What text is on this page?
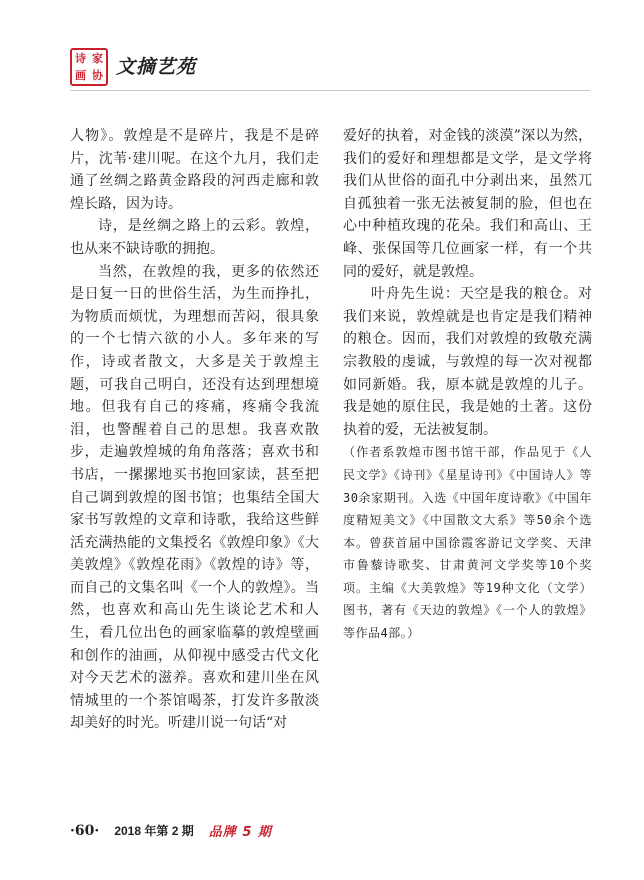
诗 家
画 协 文摘艺苑

人物》。敦煌是不是碎片，我是不是碎片，沈苇·建川呢。在这个九月，我们走通了丝绸之路黄金路段的河西走廊和敦煌长路，因为诗。

诗，是丝绸之路上的云彩。敦煌，也从来不缺诗歌的拥抱。

当然，在敦煌的我，更多的依然还是日复一日的世俗生活，为生而挣扎，为物质而烦忧，为理想而苦闷，很具象的一个七情六欲的小人。多年来的写作，诗或者散文，大多是关于敦煌主题，可我自己明白，还没有达到理想境地。但我有自己的疼痛，疼痛令我流泪，也警醒着自己的思想。我喜欢散步，走遍敦煌城的角角落落；喜欢书和书店，一摞摞地买书抱回家读，甚至把自己调到敦煌的图书馆；也集结全国大家书写敦煌的文章和诗歌，我给这些鲜活充满热能的文集授名《敦煌印象》《大美敦煌》《敦煌花雨》《敦煌的诗》等，而自己的文集名叫《一个人的敦煌》。当然，也喜欢和高山先生谈论艺术和人生，看几位出色的画家临摹的敦煌壁画和创作的油画，从仰视中感受古代文化对今天艺术的滋养。喜欢和建川坐在风情城里的一个茶馆喝茶，打发许多散淡却美好的时光。听建川说一句话“对

爱好的执着，对金钱的淡漠”深以为然，我们的爱好和理想都是文学，是文学将我们从世俗的面孔中分剥出来，虽然兀自孤独着一张无法被复制的脸，但也在心中种植玫瑰的花朵。我们和高山、王峰、张保国等几位画家一样，有一个共同的爱好，就是敦煌。

叶舟先生说：天空是我的粮仓。对我们来说，敦煌就是也肯定是我们精神的粮仓。因而，我们对敦煌的致敬充满宗教般的虔诚，与敦煌的每一次对视都如同新婚。我，原本就是敦煌的儿子。我是她的原住民，我是她的土著。这份执着的爱，无法被复制。

（作者系敦煌市图书馆干部，作品见于《人民文学》《诗刊》《星星诗刊》《中国诗人》等30余家期刊。入选《中国年度诗歌》《中国年度精短美文》《中国散文大系》等50余个选本。曾获首届中国徐霞客游记文学奖、天津市鲁藜诗歌奖、甘肃黄河文学奖等10个奖项。主编《大美敦煌》等19种文化（文学）图书，著有《天边的敦煌》《一个人的敦煌》等作品4部。）

·60· 2018 年第 2 期 品牌 5 期
